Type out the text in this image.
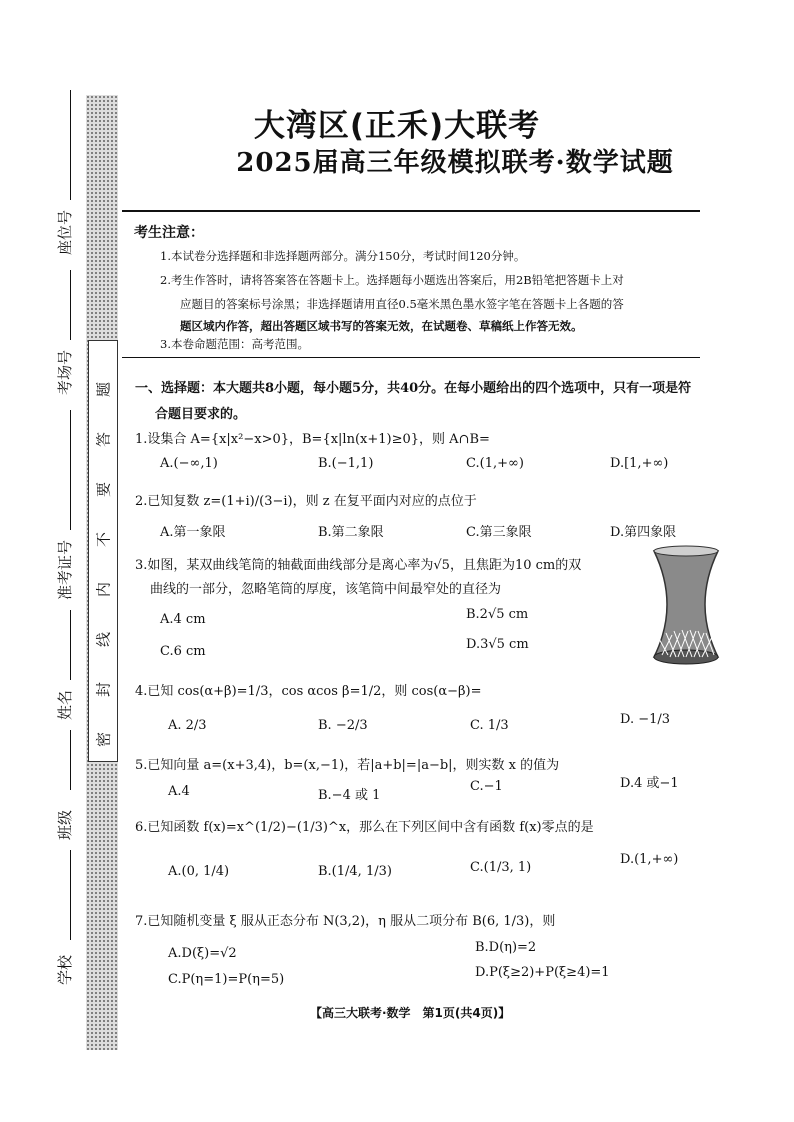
题
答
要
不
内
线
封
密
座位号
考场号
准考证号
姓名
班级
学校
大湾区(正禾)大联考
2025届高三年级模拟联考·数学试题
考生注意：
1.本试卷分选择题和非选择题两部分。满分150分，考试时间120分钟。
2.考生作答时，请将答案答在答题卡上。选择题每小题选出答案后，用2B铅笔把答题卡上对
应题目的答案标号涂黑；非选择题请用直径0.5毫米黑色墨水签字笔在答题卡上各题的答
题区域内作答，超出答题区域书写的答案无效，在试题卷、草稿纸上作答无效。
3.本卷命题范围：高考范围。
一、选择题：本大题共8小题，每小题5分，共40分。在每小题给出的四个选项中，只有一项是符
合题目要求的。
1.设集合 A={x|x²−x>0}，B={x|ln(x+1)≥0}，则 A∩B=
A.(−∞,1)	B.(−1,1)	C.(1,+∞)	D.[1,+∞)
2.已知复数 z=(1+i)/(3−i)，则 z 在复平面内对应的点位于
A.第一象限	B.第二象限	C.第三象限	D.第四象限
3.如图，某双曲线笔筒的轴截面曲线部分是离心率为√5，且焦距为10 cm的双
曲线的一部分，忽略笔筒的厚度，该笔筒中间最窄处的直径为
A.4 cm	B.2√5 cm
C.6 cm	D.3√5 cm
4.已知 cos(α+β)=1/3，cos αcos β=1/2，则 cos(α−β)=
A. 2/3	B. −2/3	C. 1/3	D. −1/3
5.已知向量 a=(x+3,4)，b=(x,−1)，若|a+b|=|a−b|，则实数 x 的值为
A.4	B.−4 或 1
C.−1	D.4 或−1
6.已知函数 f(x)=x^(1/2)−(1/3)^x，那么在下列区间中含有函数 f(x)零点的是
A.(0, 1/4)	B.(1/4, 1/3)	C.(1/3, 1)
D.(1,+∞)
7.已知随机变量 ξ 服从正态分布 N(3,2)，η 服从二项分布 B(6, 1/3)，则
A.D(ξ)=√2	B.D(η)=2
C.P(η=1)=P(η=5)	D.P(ξ≥2)+P(ξ≥4)=1
【高三大联考·数学　第1页(共4页)】
